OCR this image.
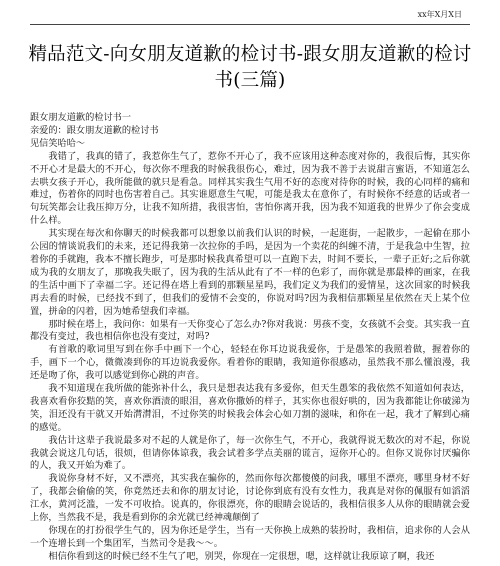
xx年X月X日
精品范文-向女朋友道歉的检讨书-跟女朋友道歉的检讨书(三篇)

跟女朋友道歉的检讨书一

亲爱的：跟女朋友道歉的检讨书

见信笑哈哈～

我错了，我真的错了，我惹你生气了，惹你不开心了，我不应该用这种态度对你的，我很后悔，其实你不开心才是最大的不开心，每次你不理我的时候我很伤心，难过，因为我不善于去说甜言蜜语，不知道怎么去哄女孩子开心，我所能做的就只是看急。同样其实我生气用不好的态度对待你的时候，我的心同样的痛和难过，伤着你的同时也伤害着自己。其实谁愿意生气呢，可能是我太在意你了，有时候你不经意的话或者一句玩笑都会让我压抑万分，让我不知所措，我很害怕，害怕你离开我，因为我不知道我的世界少了你会变成什么样。

其实现在每次和你聊天的时候我都可以想象以前我们认识的时候，一起逛街，一起散步，一起偷在那小公园的情谈说我们的未来，还记得我第一次拉你的手吗，是因为一个卖花的纠缠不清，于是我急中生智，拉着你的手就跑，我本不擅长跑步，可是那时候我真希望可以一直跑下去，时间不要长，一辈子正好;之后你就成为我的女朋友了，那晚我失眠了，因为我的生活从此有了不一样的色彩了，而你就是那最棒的画家，在我的生活中画下了幸福二字。还记得在塔上看到的那颗星星吗，我们定义为我们的爱情星，这次回家的时候我再去看的时候，已经找不到了，但我们的爱情不会变的，你说对吗?因为我相信那颗星星依然在天上某个位置，拼命的闪着，因为她希望我们幸福。

那时候在塔上，我问你：如果有一天你变心了怎么办?你对我说：男孩不变，女孩就不会变。其实我一直都没有变过，我也相信你也没有变过，对吗?

有首歌的歌词里写到在你手中画下一个心，轻轻在你耳边说我爱你，于是愚笨的我照着做，握着你的手，画下一个心，微微凑到你的耳边说我爱你。看着你的眼睛，我知道你很感动，虽然我不那么懂浪漫，我还是吻了你，我可以感觉到你心跳的声音。

我不知道现在我所做的能弥补什么，我只是想表达我有多爱你，但天生愚笨的我依然不知道如何表达，我喜欢看你狡黠的笑，喜欢你酒渍的眼泪，喜欢你撒娇的样子，其实你也很好哄的，因为我都能让你破涕为笑，泪还没有干就又开始潸潸泪，不过你笑的时候我会体会心如刀割的滋味，和你在一起，我才了解到心痛的感觉。

我估计这辈子我说最多对不起的人就是你了，每一次你生气，不开心，我就得说无数次的对不起，你说我就会说这几句话，很烦，但请你体谅我，我会试着多学点美丽的谎言，逗你开心的。但你又说你讨厌骗你的人，我又开始为难了。

我说你身材不好，又不漂亮，其实我在骗你的，然而你每次都傻傻的问我，哪里不漂亮，哪里身材不好了，我都会偷偷的笑，你竟然还去和你的朋友讨论，讨论你到底有没有女性力，我真是对你的佩服有如滔滔江水，黄河泛滥，一发不可收拾。说真的，你很漂亮，你的眼睛会说话的，我相信很多人从你的眼睛就会爱上你，当然我不是，我是看到你的余光就已经神魂颠倒了

你现在的打扮很学生气的，因为你还是学生，当有一天你换上成熟的装扮时，我相信，追求你的人会从一个连增长到一个集团军，当然司令是我～～。

相信你看到这的时候已经不生气了吧，别哭，你现在一定很想，嗯，这样就让我原谅了啊，我还
